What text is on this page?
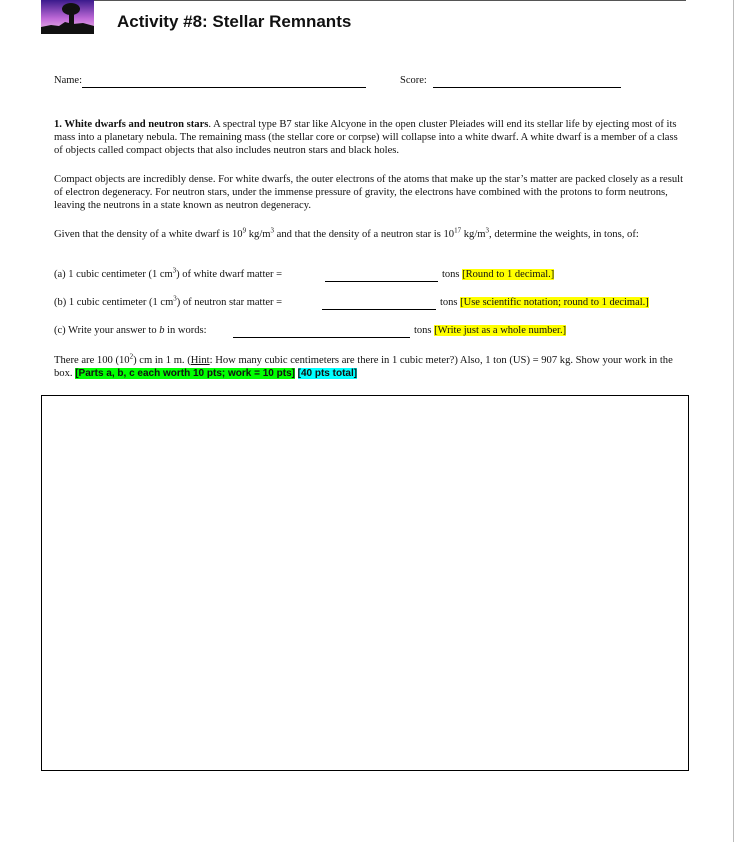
Activity #8: Stellar Remnants
Name:	Score:
1. White dwarfs and neutron stars. A spectral type B7 star like Alcyone in the open cluster Pleiades will end its stellar life by ejecting most of its mass into a planetary nebula. The remaining mass (the stellar core or corpse) will collapse into a white dwarf. A white dwarf is a member of a class of objects called compact objects that also includes neutron stars and black holes.
Compact objects are incredibly dense. For white dwarfs, the outer electrons of the atoms that make up the star’s matter are packed closely as a result of electron degeneracy. For neutron stars, under the immense pressure of gravity, the electrons have combined with the protons to form neutrons, leaving the neutrons in a state known as neutron degeneracy.
Given that the density of a white dwarf is $10^9$ $kg/m^3$ and that the density of a neutron star is $10^{17}$ $kg/m^3$, determine the weights, in tons, of:
(a) 1 cubic centimeter (1 $cm^3$) of white dwarf matter =	tons [Round to 1 decimal.]
(b) 1 cubic centimeter (1 $cm^3$) of neutron star matter =	tons [Use scientific notation; round to 1 decimal.]
(c) Write your answer to b in words:	tons [Write just as a whole number.]
There are 100 $(10^2)$ cm in 1 m. (Hint: How many cubic centimeters are there in 1 cubic meter?) Also, 1 ton (US) = 907 kg. Show your work in the box. [Parts a, b, c each worth 10 pts; work = 10 pts] [40 pts total]
